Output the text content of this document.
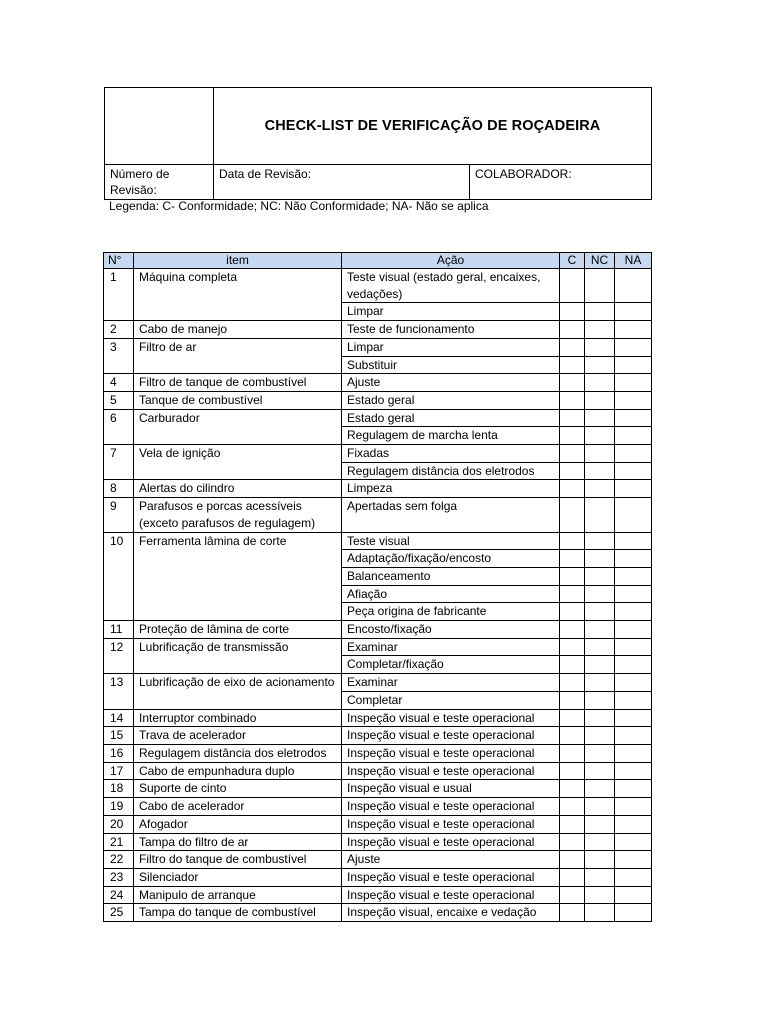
	CHECK-LIST DE VERIFICAÇÃO DE ROÇADEIRA	
Número de Revisão:	Data de Revisão:	COLABORADOR:
Legenda: C- Conformidade; NC: Não Conformidade; NA- Não se aplica
N°	item	Ação	C	NC	NA
1	Máquina completa	Teste visual (estado geral, encaixes, vedações)			
		Limpar			
2	Cabo de manejo	Teste de funcionamento			
3	Filtro de ar	Limpar			
		Substituir			
4	Filtro de tanque de combustível	Ajuste			
5	Tanque de combustível	Estado geral			
6	Carburador	Estado geral			
		Regulagem de marcha lenta			
7	Vela de ignição	Fixadas			
		Regulagem distância dos eletrodos			
8	Alertas do cilindro	Limpeza			
9	Parafusos e porcas acessíveis (exceto parafusos de regulagem)	Apertadas sem folga			
10	Ferramenta lâmina de corte	Teste visual			
		Adaptação/fixação/encosto			
		Balanceamento			
		Afiação			
		Peça origina de fabricante			
11	Proteção de lâmina de corte	Encosto/fixação			
12	Lubrificação de transmissão	Examinar			
		Completar/fixação			
13	Lubrificação de eixo de acionamento	Examinar			
		Completar			
14	Interruptor combinado	Inspeção visual e teste operacional			
15	Trava de acelerador	Inspeção visual e teste operacional			
16	Regulagem distância dos eletrodos	Inspeção visual e teste operacional			
17	Cabo de empunhadura duplo	Inspeção visual e teste operacional			
18	Suporte de cinto	Inspeção visual e usual			
19	Cabo de acelerador	Inspeção visual e teste operacional			
20	Afogador	Inspeção visual e teste operacional			
21	Tampa do filtro de ar	Inspeção visual e teste operacional			
22	Filtro do tanque de combustível	Ajuste			
23	Silenciador	Inspeção visual e teste operacional			
24	Manipulo de arranque	Inspeção visual e teste operacional			
25	Tampa do tanque de combustível	Inspeção visual, encaixe e vedação			
